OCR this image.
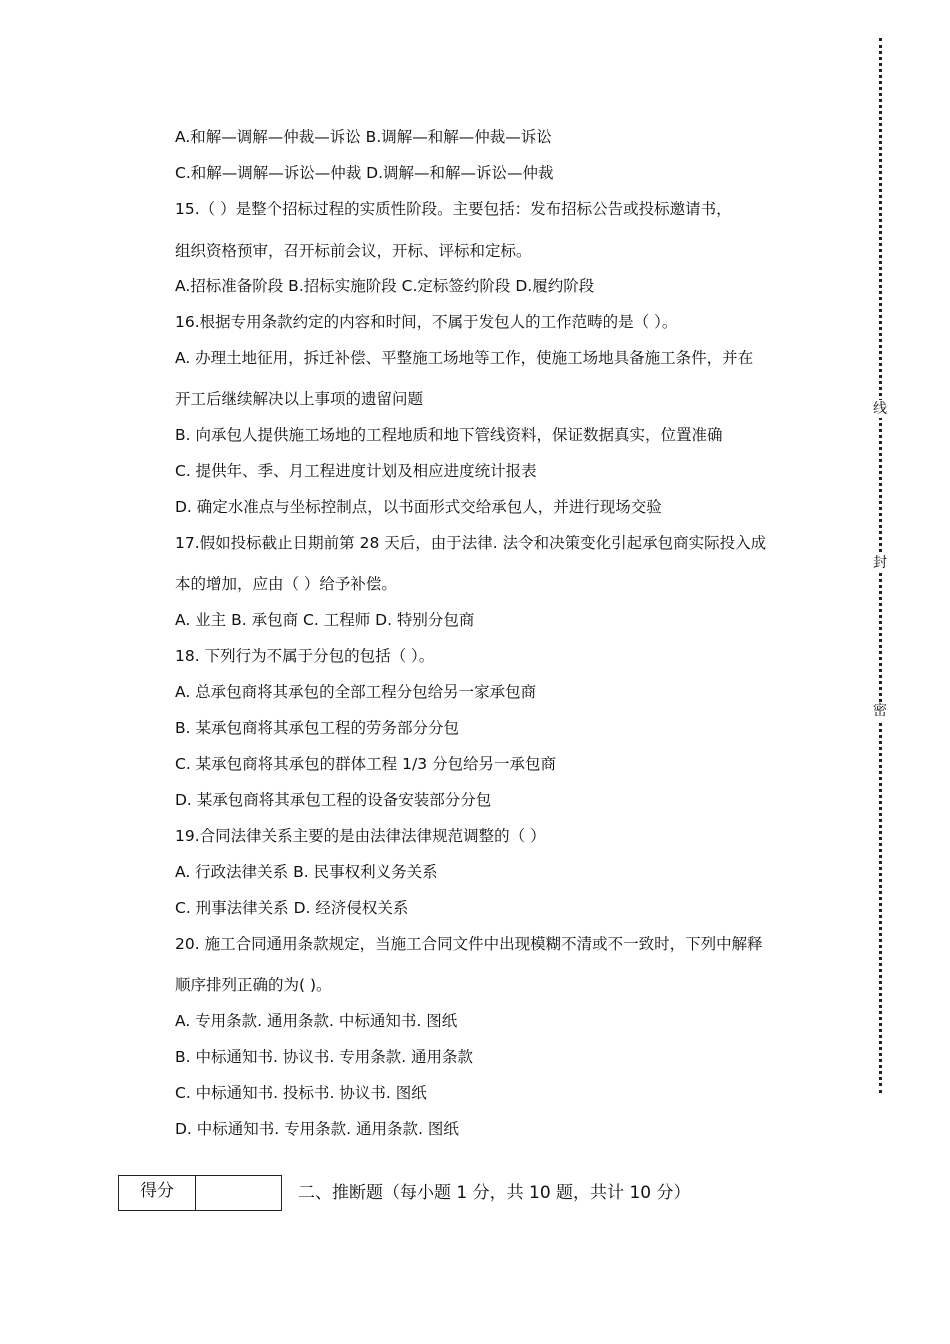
A.和解—调解—仲裁—诉讼 B.调解—和解—仲裁—诉讼
C.和解—调解—诉讼—仲裁 D.调解—和解—诉讼—仲裁
15.（ ）是整个招标过程的实质性阶段。主要包括：发布招标公告或投标邀请书，
组织资格预审，召开标前会议，开标、评标和定标。
A.招标准备阶段 B.招标实施阶段 C.定标签约阶段 D.履约阶段
16.根据专用条款约定的内容和时间，不属于发包人的工作范畴的是（ ）。
A. 办理土地征用，拆迁补偿、平整施工场地等工作，使施工场地具备施工条件，并在
开工后继续解决以上事项的遗留问题
B. 向承包人提供施工场地的工程地质和地下管线资料，保证数据真实，位置准确
C. 提供年、季、月工程进度计划及相应进度统计报表
D. 确定水准点与坐标控制点，以书面形式交给承包人，并进行现场交验
17.假如投标截止日期前第 28 天后，由于法律. 法令和决策变化引起承包商实际投入成
本的增加，应由（ ）给予补偿。
A. 业主 B. 承包商 C. 工程师 D. 特别分包商
18. 下列行为不属于分包的包括（ ）。
A. 总承包商将其承包的全部工程分包给另一家承包商
B. 某承包商将其承包工程的劳务部分分包
C. 某承包商将其承包的群体工程 1/3 分包给另一承包商
D. 某承包商将其承包工程的设备安装部分分包
19.合同法律关系主要的是由法律法律规范调整的（ ）
A. 行政法律关系 B. 民事权利义务关系
C. 刑事法律关系 D. 经济侵权关系
20. 施工合同通用条款规定，当施工合同文件中出现模糊不清或不一致时，下列中解释
顺序排列正确的为( )。
A. 专用条款. 通用条款. 中标通知书. 图纸
B. 中标通知书. 协议书. 专用条款. 通用条款
C. 中标通知书. 投标书. 协议书. 图纸
D. 中标通知书. 专用条款. 通用条款. 图纸
线
封
密
得分		二、推断题（每小题 1 分，共 10 题，共计 10 分）
